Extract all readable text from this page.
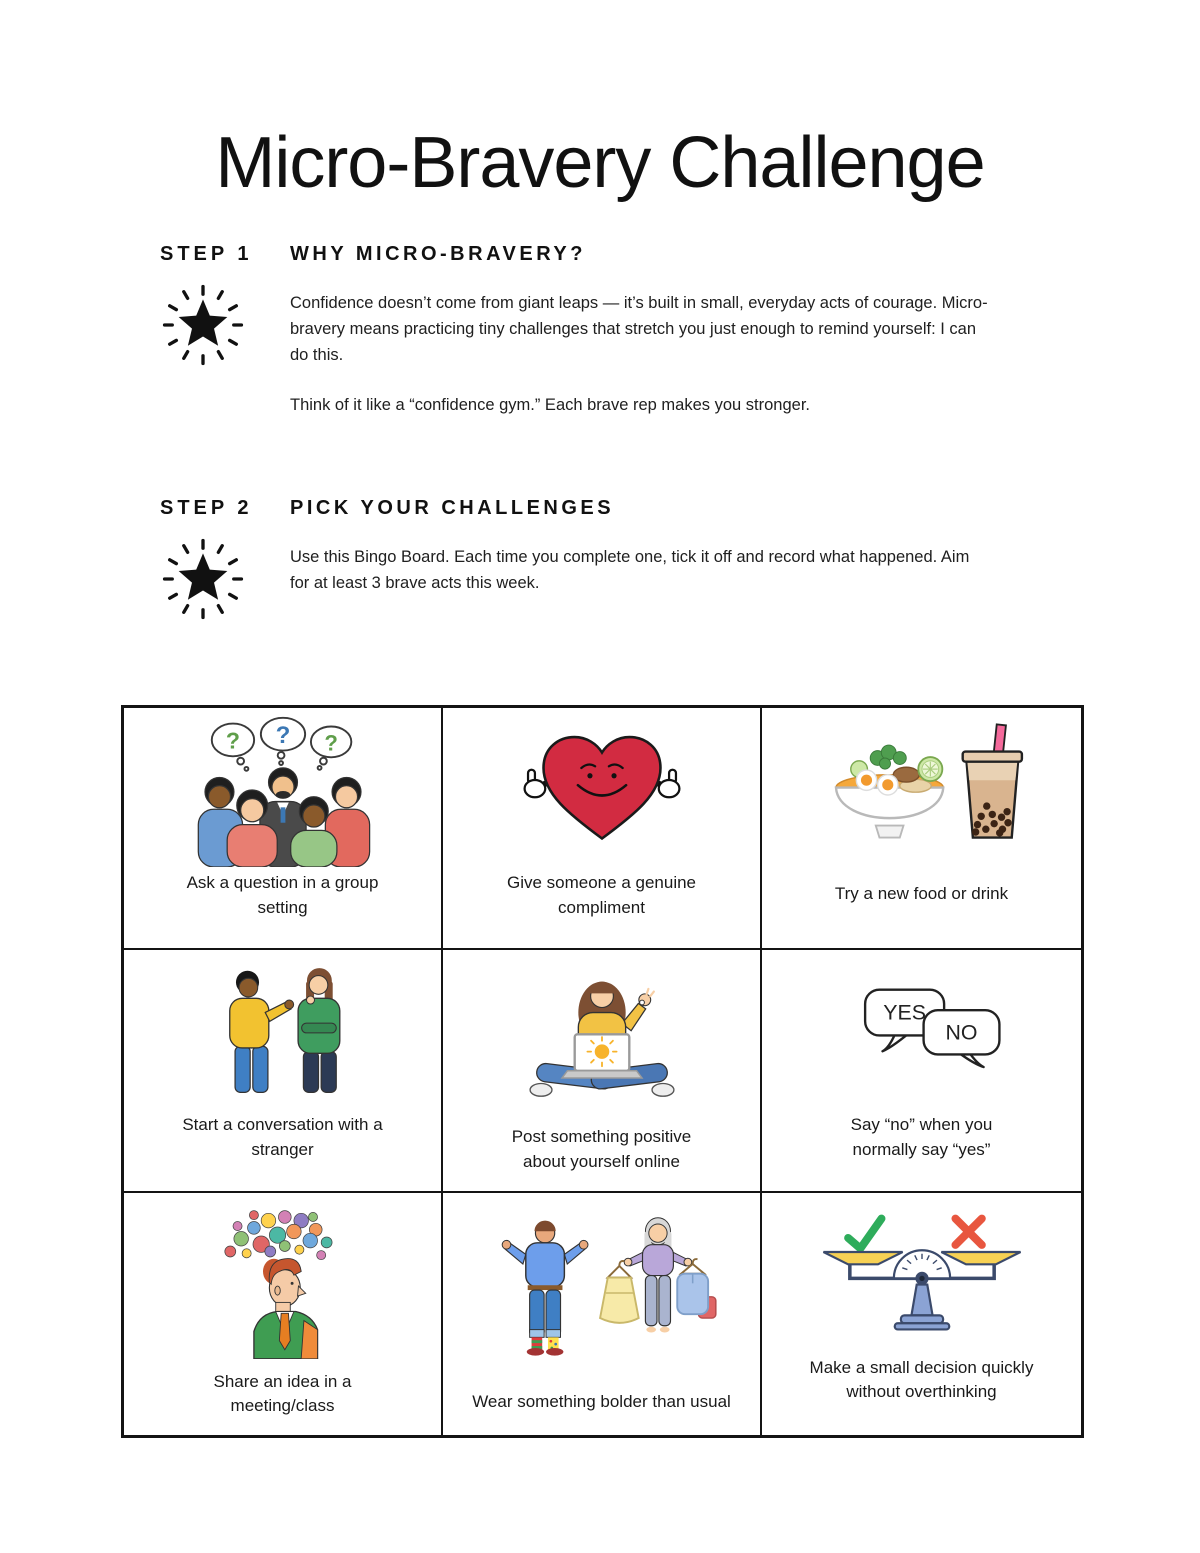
Micro-Bravery Challenge
STEP 1	WHY MICRO-BRAVERY?

Confidence doesn’t come from giant leaps — it’s built in small, everyday acts of courage. Micro-bravery means practicing tiny challenges that stretch you just enough to remind yourself: I can do this.

Think of it like a “confidence gym.” Each brave rep makes you stronger.

STEP 2	PICK YOUR CHALLENGES

Use this Bingo Board. Each time you complete one, tick it off and record what happened. Aim for at least 3 brave acts this week.

? ? ?
Ask a question in a group setting
Give someone a genuine compliment
Try a new food or drink
Start a conversation with a stranger
Post something positive about yourself online
YES
NO
Say “no” when you normally say “yes”
Share an idea in a meeting/class	Wear something bolder than usual
Make a small decision quickly without overthinking
